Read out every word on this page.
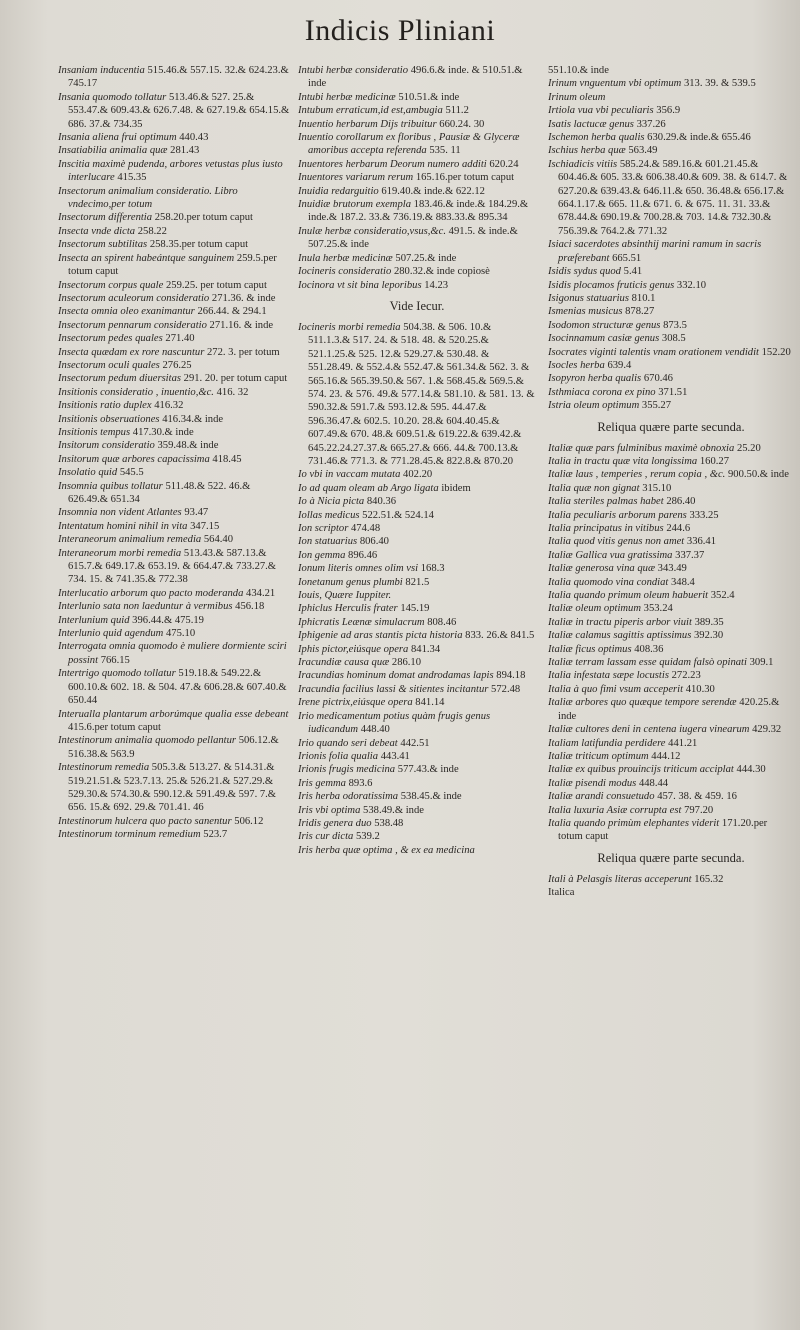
Indicis Pliniani

Insaniam inducentia 515.46.& 557.15. 32.& 624.23.& 745.17

Insania quomodo tollatur 513.46.& 527. 25.& 553.47.& 609.43.& 626.7.48. & 627.19.& 654.15.& 686. 37.& 734.35

Insania aliena frui optimum 440.43

Insatiabilia animalia quæ 281.43

Inscitia maximè pudenda, arbores vetustas plus iusto interlucare 415.35

Insectorum animalium consideratio. Libro vndecimo,per totum

Insectorum differentia 258.20.per totum caput

Insecta vnde dicta 258.22

Insectorum subtilitas 258.35.per totum caput

Insecta an spirent habeántque sanguinem 259.5.per totum caput

Insectorum corpus quale 259.25. per totum caput

Insectorum aculeorum consideratio 271.36. & inde

Insecta omnia oleo exanimantur 266.44. & 294.1

Insectorum pennarum consideratio 271.16. & inde

Insectorum pedes quales 271.40

Insecta quædam ex rore nascuntur 272. 3. per totum

Insectorum oculi quales 276.25

Insectorum pedum diuersitas 291. 20. per totum caput

Insitionis consideratio , inuentio,&c. 416. 32

Insitionis ratio duplex 416.32

Insitionis obseruationes 416.34.& inde

Insitionis tempus 417.30.& inde

Insitorum consideratio 359.48.& inde

Insitorum quæ arbores capacissima 418.45

Insolatio quid 545.5

Insomnia quibus tollatur 511.48.& 522. 46.& 626.49.& 651.34

Insomnia non vident Atlantes 93.47

Intentatum homini nihil in vita 347.15

Interaneorum animalium remedia 564.40

Interaneorum morbi remedia 513.43.& 587.13.& 615.7.& 649.17.& 653.19. & 664.47.& 733.27.& 734. 15. & 741.35.& 772.38

Interlucatio arborum quo pacto moderanda 434.21

Interlunio sata non laeduntur à vermibus 456.18

Interlunium quid 396.44.& 475.19

Interlunio quid agendum 475.10

Interrogata omnia quomodo è muliere dormiente sciri possint 766.15

Intertrigo quomodo tollatur 519.18.& 549.22.& 600.10.& 602. 18. & 504. 47.& 606.28.& 607.40.& 650.44

Interualla plantarum arborúmque qualia esse debeant 415.6.per totum caput

Intestinorum animalia quomodo pellantur 506.12.& 516.38.& 563.9

Intestinorum remedia 505.3.& 513.27. & 514.31.& 519.21.51.& 523.7.13. 25.& 526.21.& 527.29.& 529.30.& 574.30.& 590.12.& 591.49.& 597. 7.& 656. 15.& 692. 29.& 701.41. 46

Intestinorum hulcera quo pacto sanentur 506.12

Intestinorum torminum remedium 523.7

Intubi herbæ consideratio 496.6.& inde. & 510.51.& inde

Intubi herbæ medicinæ 510.51.& inde

Intubum erraticum,id est,ambugia 511.2

Inuentio herbarum Dijs tribuitur 660.24. 30

Inuentio corollarum ex floribus , Pausiæ & Glyceræ amoribus accepta referenda 535. 11

Inuentores herbarum Deorum numero additi 620.24

Inuentores variarum rerum 165.16.per totum caput

Inuidia redarguitio 619.40.& inde.& 622.12

Inuidiæ brutorum exempla 183.46.& inde.& 184.29.& inde.& 187.2. 33.& 736.19.& 883.33.& 895.34

Inulæ herbæ consideratio,vsus,&c. 491.5. & inde.& 507.25.& inde

Inula herbæ medicinæ 507.25.& inde

Iocineris consideratio 280.32.& inde copiosè

Iocinora vt sit bina leporibus 14.23

Vide Iecur.

Iocineris morbi remedia 504.38. & 506. 10.& 511.1.3.& 517. 24. & 518. 48. & 520.25.& 521.1.25.& 525. 12.& 529.27.& 530.48. & 551.28.49. & 552.4.& 552.47.& 561.34.& 562. 3. & 565.16.& 565.39.50.& 567. 1.& 568.45.& 569.5.& 574. 23. & 576. 49.& 577.14.& 581.10. & 581. 13. & 590.32.& 591.7.& 593.12.& 595. 44.47.& 596.36.47.& 602.5. 10.20. 28.& 604.40.45.& 607.49.& 670. 48.& 609.51.& 619.22.& 639.42.& 645.22.24.27.37.& 665.27.& 666. 44.& 700.13.& 731.46.& 771.3. & 771.28.45.& 822.8.& 870.20

Io vbi in vaccam mutata 402.20

Io ad quam oleam ab Argo ligata ibidem

Io à Nicia picta 840.36

Iollas medicus 522.51.& 524.14

Ion scriptor 474.48

Ion statuarius 806.40

Ion gemma 896.46

Ionum literis omnes olim vsi 168.3

Ionetanum genus plumbi 821.5

Iouis, Quære Iuppiter.

Iphiclus Herculis frater 145.19

Iphicratis Leænæ simulacrum 808.46

Iphigenie ad aras stantis picta historia 833. 26.& 841.5

Iphis pictor,eiúsque opera 841.34

Iracundiæ causa quæ 286.10

Iracundias hominum domat androdamas lapis 894.18

Iracundia facilius lassi & sitientes incitantur 572.48

Irene pictrix,eiúsque opera 841.14

Irio medicamentum potius quàm frugis genus iudicandum 448.40

Irio quando seri debeat 442.51

Irionis folia qualia 443.41

Irionis frugis medicina 577.43.& inde

Iris gemma 893.6

Iris herba odoratissima 538.45.& inde

Iris vbi optima 538.49.& inde

Iridis genera duo 538.48

Iris cur dicta 539.2

Iris herba quæ optima , & ex ea medicina

551.10.& inde

Irinum vnguentum vbi optimum 313. 39. & 539.5

Irinum oleum

Irtiola vua vbi peculiaris 356.9

Isatis lactucæ genus 337.26

Ischemon herba qualis 630.29.& inde.& 655.46

Ischius herba quæ 563.49

Ischiadicis vitiis 585.24.& 589.16.& 601.21.45.& 604.46.& 605. 33.& 606.38.40.& 609. 38. & 614.7. & 627.20.& 639.43.& 646.11.& 650. 36.48.& 656.17.& 664.1.17.& 665. 11.& 671. 6. & 675. 11. 31. 33.& 678.44.& 690.19.& 700.28.& 703. 14.& 732.30.& 756.39.& 764.2.& 771.32

Isiaci sacerdotes absinthij marini ramum in sacris præferebant 665.51

Isidis sydus quod 5.41

Isidis plocamos fruticis genus 332.10

Isigonus statuarius 810.1

Ismenias musicus 878.27

Isodomon structuræ genus 873.5

Isocinnamum casiæ genus 308.5

Isocrates viginti talentis vnam orationem vendidit 152.20

Isocles herba 639.4

Isopyron herba qualis 670.46

Isthmiaca corona ex pino 371.51

Istria oleum optimum 355.27

Reliqua quære parte secunda.

Italiæ quæ pars fulminibus maximè obnoxia 25.20

Italia in tractu quæ vita longissima 160.27

Italiæ laus , temperies , rerum copia , &c. 900.50.& inde

Italia quæ non gignat 315.10

Italia steriles palmas habet 286.40

Italia peculiaris arborum parens 333.25

Italia principatus in vitibus 244.6

Italia quod vitis genus non amet 336.41

Italiæ Gallica vua gratissima 337.37

Italiæ generosa vina quæ 343.49

Italia quomodo vina condiat 348.4

Italia quando primum oleum habuerit 352.4

Italiæ oleum optimum 353.24

Italiæ in tractu piperis arbor viuit 389.35

Italiæ calamus sagittis aptissimus 392.30

Italiæ ficus optimus 408.36

Italiæ terram lassam esse quidam falsò opinati 309.1

Italia infestata sæpe locustis 272.23

Italia à quo fimi vsum acceperit 410.30

Italiæ arbores quo quæque tempore serendæ 420.25.& inde

Italiæ cultores deni in centena iugera vinearum 429.32

Italiam latifundia perdidere 441.21

Italiæ triticum optimum 444.12

Italiæ ex quibus prouincijs triticum acciplat 444.30

Italiæ pisendi modus 448.44

Italiæ arandi consuetudo 457. 38. & 459. 16

Italia luxuria Asiæ corrupta est 797.20

Italia quando primùm elephantes viderit 171.20.per totum caput

Reliqua quære parte secunda.

Itali à Pelasgis literas acceperunt 165.32

Italica
